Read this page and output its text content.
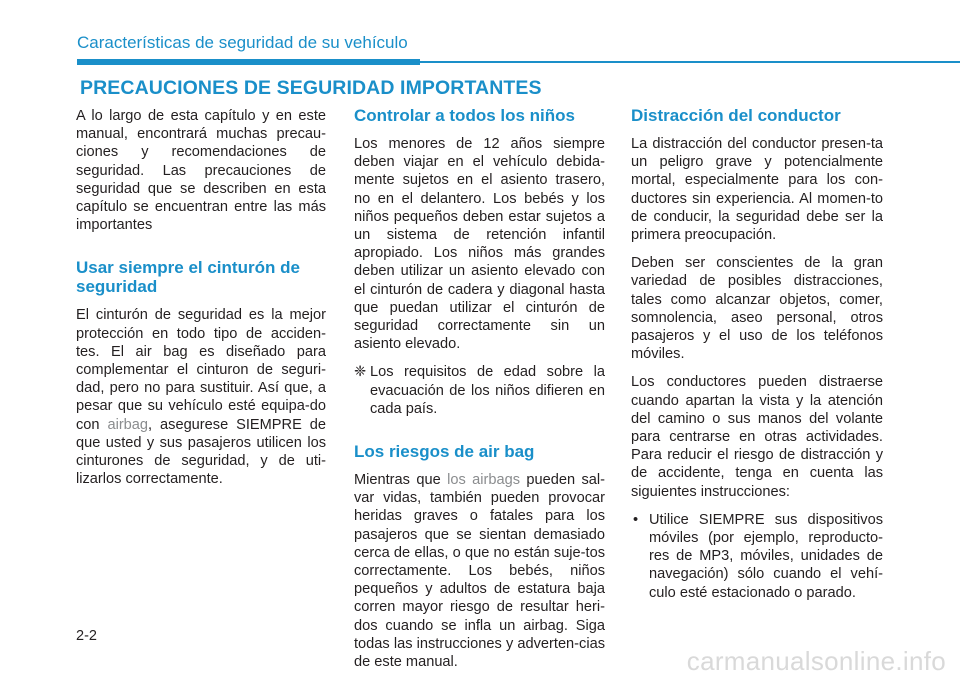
Características de seguridad de su vehículo
PRECAUCIONES DE SEGURIDAD IMPORTANTES

A lo largo de esta capítulo y en este manual, encontrará muchas precau-ciones y recomendaciones de seguridad. Las precauciones de seguridad que se describen en esta capítulo se encuentran entre las más importantes

Usar siempre el cinturón de seguridad

El cinturón de seguridad es la mejor protección en todo tipo de acciden-tes. El air bag es diseñado para complementar el cinturon de seguri-dad, pero no para sustituir. Así que, a pesar que su vehículo esté equipa-do con airbag, asegurese SIEMPRE de que usted y sus pasajeros utilicen los cinturones de seguridad, y de uti-lizarlos correctamente.

Controlar a todos los niños

Los menores de 12 años siempre deben viajar en el vehículo debida-mente sujetos en el asiento trasero, no en el delantero. Los bebés y los niños pequeños deben estar sujetos a un sistema de retención infantil apropiado. Los niños más grandes deben utilizar un asiento elevado con el cinturón de cadera y diagonal hasta que puedan utilizar el cinturón de seguridad correctamente sin un asiento elevado.

❈ Los requisitos de edad sobre la evacuación de los niños difieren en cada país.
Los riesgos de air bag

Mientras que los airbags pueden sal-var vidas, también pueden provocar heridas graves o fatales para los pasajeros que se sientan demasiado cerca de ellas, o que no están suje-tos correctamente. Los bebés, niños pequeños y adultos de estatura baja corren mayor riesgo de resultar heri-dos cuando se infla un airbag. Siga todas las instrucciones y adverten-cias de este manual.

Distracción del conductor

La distracción del conductor presen-ta un peligro grave y potencialmente mortal, especialmente para los con-ductores sin experiencia. Al momen-to de conducir, la seguridad debe ser la primera preocupación.

Deben ser conscientes de la gran variedad de posibles distracciones, tales como alcanzar objetos, comer, somnolencia, aseo personal, otros pasajeros y el uso de los teléfonos móviles.

Los conductores pueden distraerse cuando apartan la vista y la atención del camino o sus manos del volante para centrarse en otras actividades. Para reducir el riesgo de distracción y de accidente, tenga en cuenta las siguientes instrucciones:

• Utilice SIEMPRE sus dispositivos móviles (por ejemplo, reproducto-res de MP3, móviles, unidades de navegación) sólo cuando el vehí-culo esté estacionado o parado.
2-2
carmanualsonline.info
